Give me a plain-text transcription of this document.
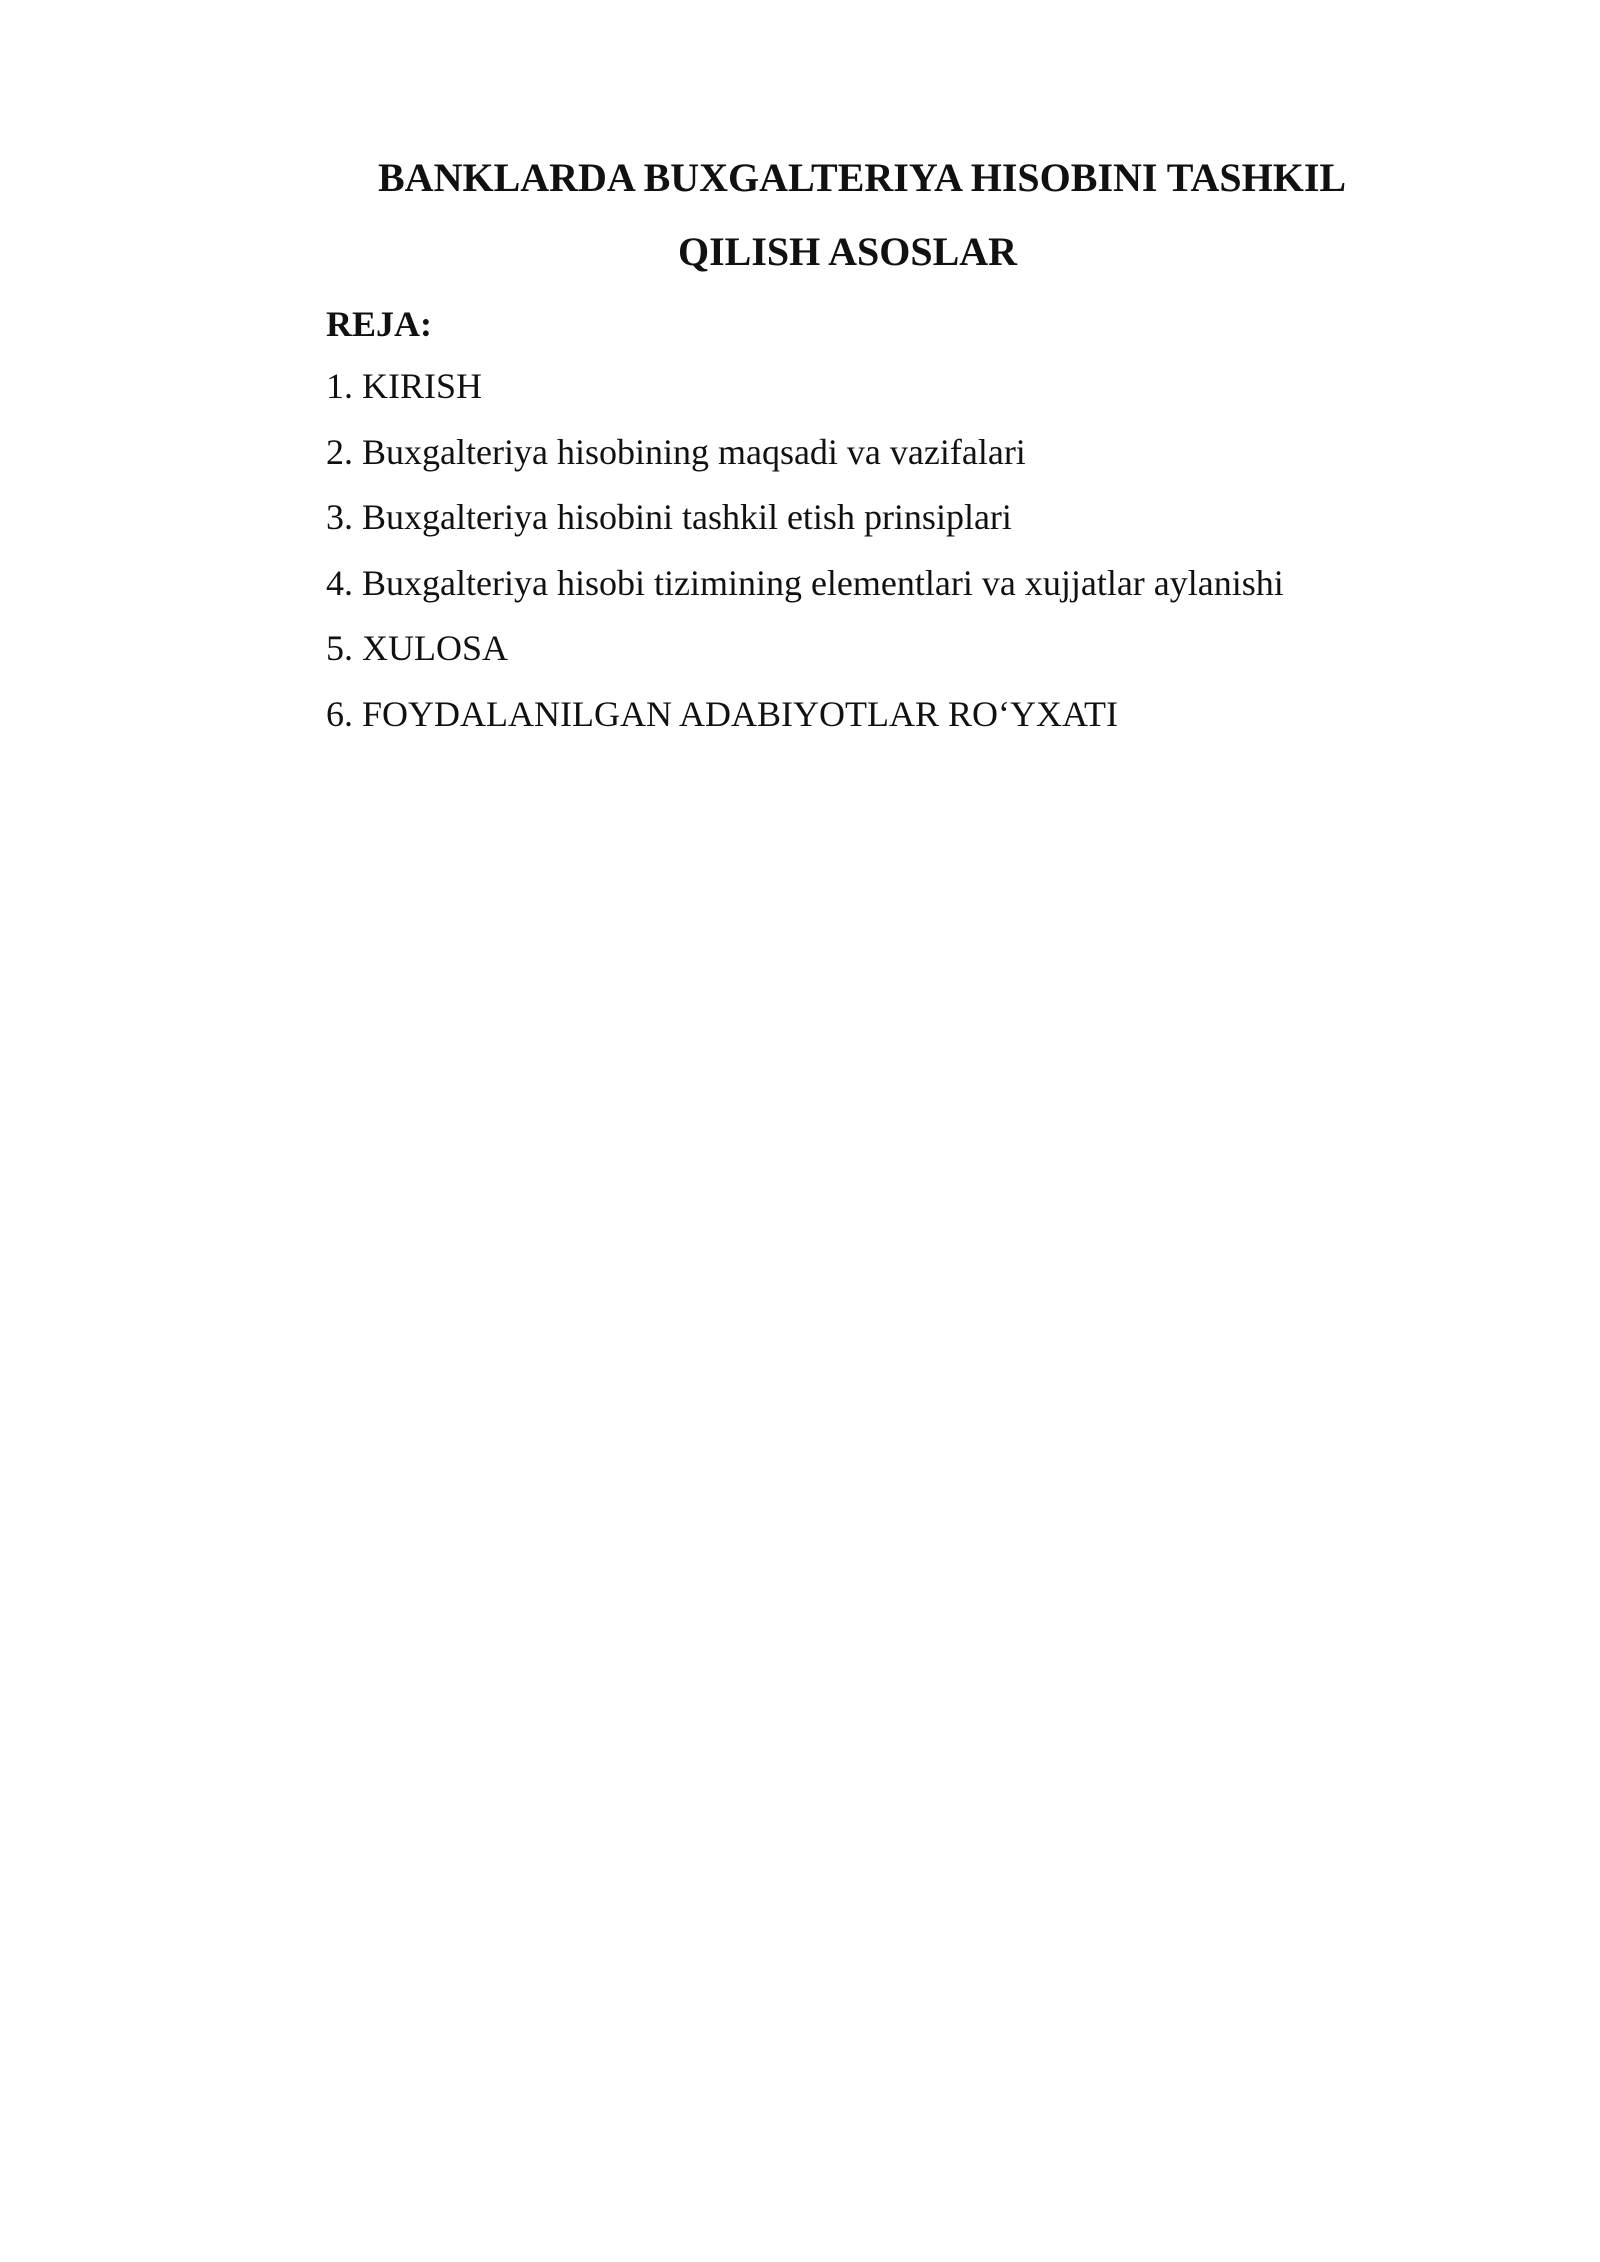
BANKLARDA BUXGALTERIYA HISOBINI TASHKIL
QILISH ASOSLAR
REJA:
1. KIRISH
2. Buxgalteriya hisobining maqsadi va vazifalari
3. Buxgalteriya hisobini tashkil etish prinsiplari
4. Buxgalteriya hisobi tizimining elementlari va xujjatlar aylanishi
5. XULOSA
6. FOYDALANILGAN ADABIYOTLAR RO‘YXATI
